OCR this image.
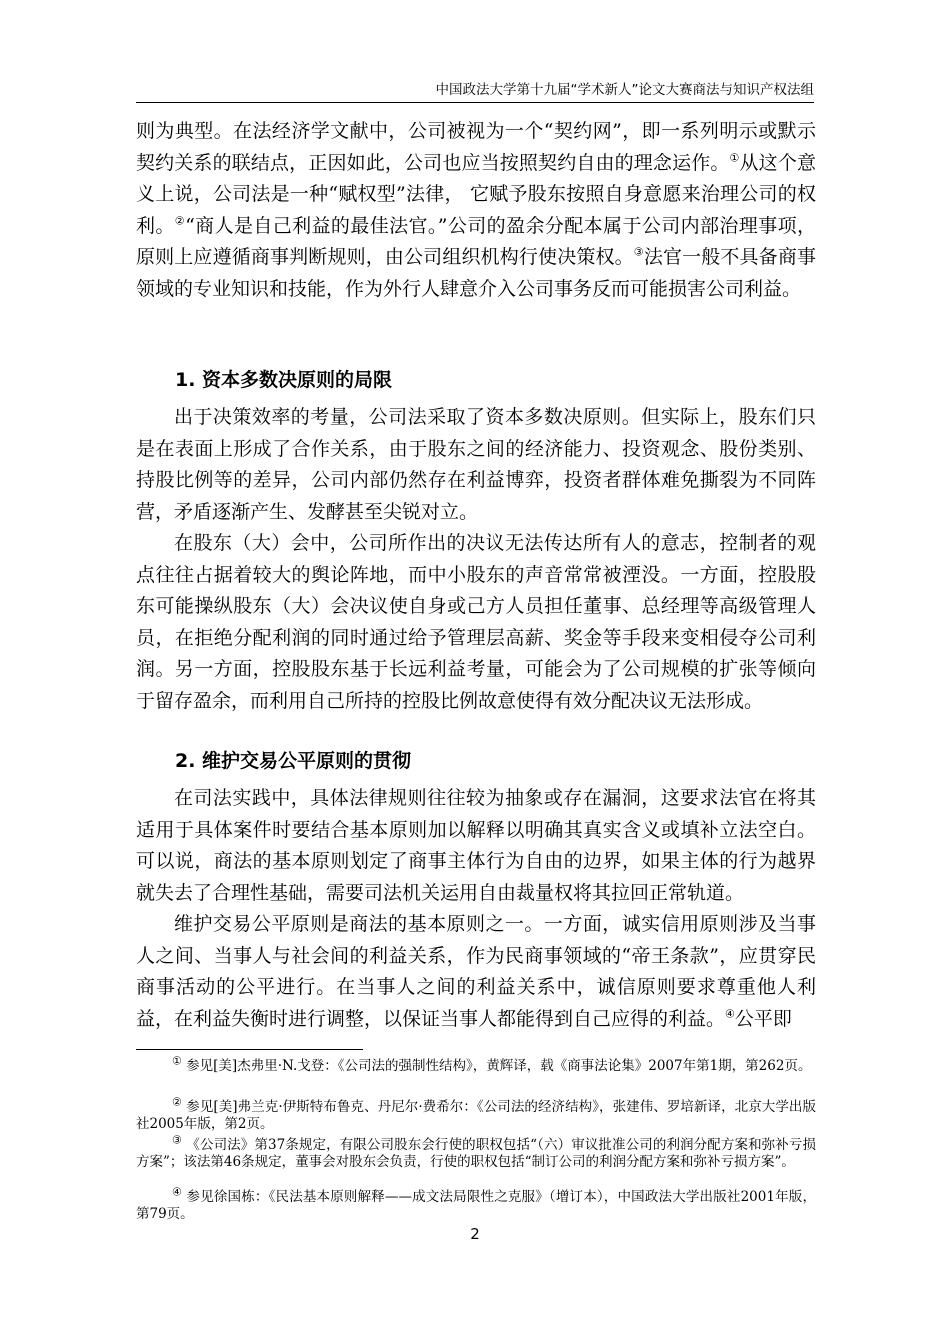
中国政法大学第十九届“学术新人”论文大赛商法与知识产权法组

则为典型。在法经济学文献中，公司被视为一个“契约网”，即一系列明示或默示契约关系的联结点，正因如此，公司也应当按照契约自由的理念运作。①从这个意义上说，公司法是一种“赋权型”法律， 它赋予股东按照自身意愿来治理公司的权利。②“商人是自己利益的最佳法官。”公司的盈余分配本属于公司内部治理事项，原则上应遵循商事判断规则，由公司组织机构行使决策权。③法官一般不具备商事领域的专业知识和技能，作为外行人肆意介入公司事务反而可能损害公司利益。

1. 资本多数决原则的局限

出于决策效率的考量，公司法采取了资本多数决原则。但实际上，股东们只是在表面上形成了合作关系，由于股东之间的经济能力、投资观念、股份类别、持股比例等的差异，公司内部仍然存在利益博弈，投资者群体难免撕裂为不同阵营，矛盾逐渐产生、发酵甚至尖锐对立。

在股东（大）会中，公司所作出的决议无法传达所有人的意志，控制者的观点往往占据着较大的舆论阵地，而中小股东的声音常常被湮没。一方面，控股股东可能操纵股东（大）会决议使自身或己方人员担任董事、总经理等高级管理人员，在拒绝分配利润的同时通过给予管理层高薪、奖金等手段来变相侵夺公司利润。另一方面，控股股东基于长远利益考量，可能会为了公司规模的扩张等倾向于留存盈余，而利用自己所持的控股比例故意使得有效分配决议无法形成。

2. 维护交易公平原则的贯彻

在司法实践中，具体法律规则往往较为抽象或存在漏洞，这要求法官在将其适用于具体案件时要结合基本原则加以解释以明确其真实含义或填补立法空白。可以说，商法的基本原则划定了商事主体行为自由的边界，如果主体的行为越界就失去了合理性基础，需要司法机关运用自由裁量权将其拉回正常轨道。

维护交易公平原则是商法的基本原则之一。一方面，诚实信用原则涉及当事人之间、当事人与社会间的利益关系，作为民商事领域的“帝王条款”，应贯穿民商事活动的公平进行。在当事人之间的利益关系中，诚信原则要求尊重他人利益，在利益失衡时进行调整，以保证当事人都能得到自己应得的利益。④公平即

① 参见[美]杰弗里·N.戈登：《公司法的强制性结构》，黄辉译，载《商事法论集》2007年第1期，第262页。

② 参见[美]弗兰克·伊斯特布鲁克、丹尼尔·费希尔：《公司法的经济结构》，张建伟、罗培新译，北京大学出版社2005年版，第2页。

③ 《公司法》第37条规定，有限公司股东会行使的职权包括“（六）审议批准公司的利润分配方案和弥补亏损方案”；该法第46条规定，董事会对股东会负责，行使的职权包括“制订公司的利润分配方案和弥补亏损方案”。

④ 参见徐国栋：《民法基本原则解释——成文法局限性之克服》（增订本），中国政法大学出版社2001年版，第79页。

2
